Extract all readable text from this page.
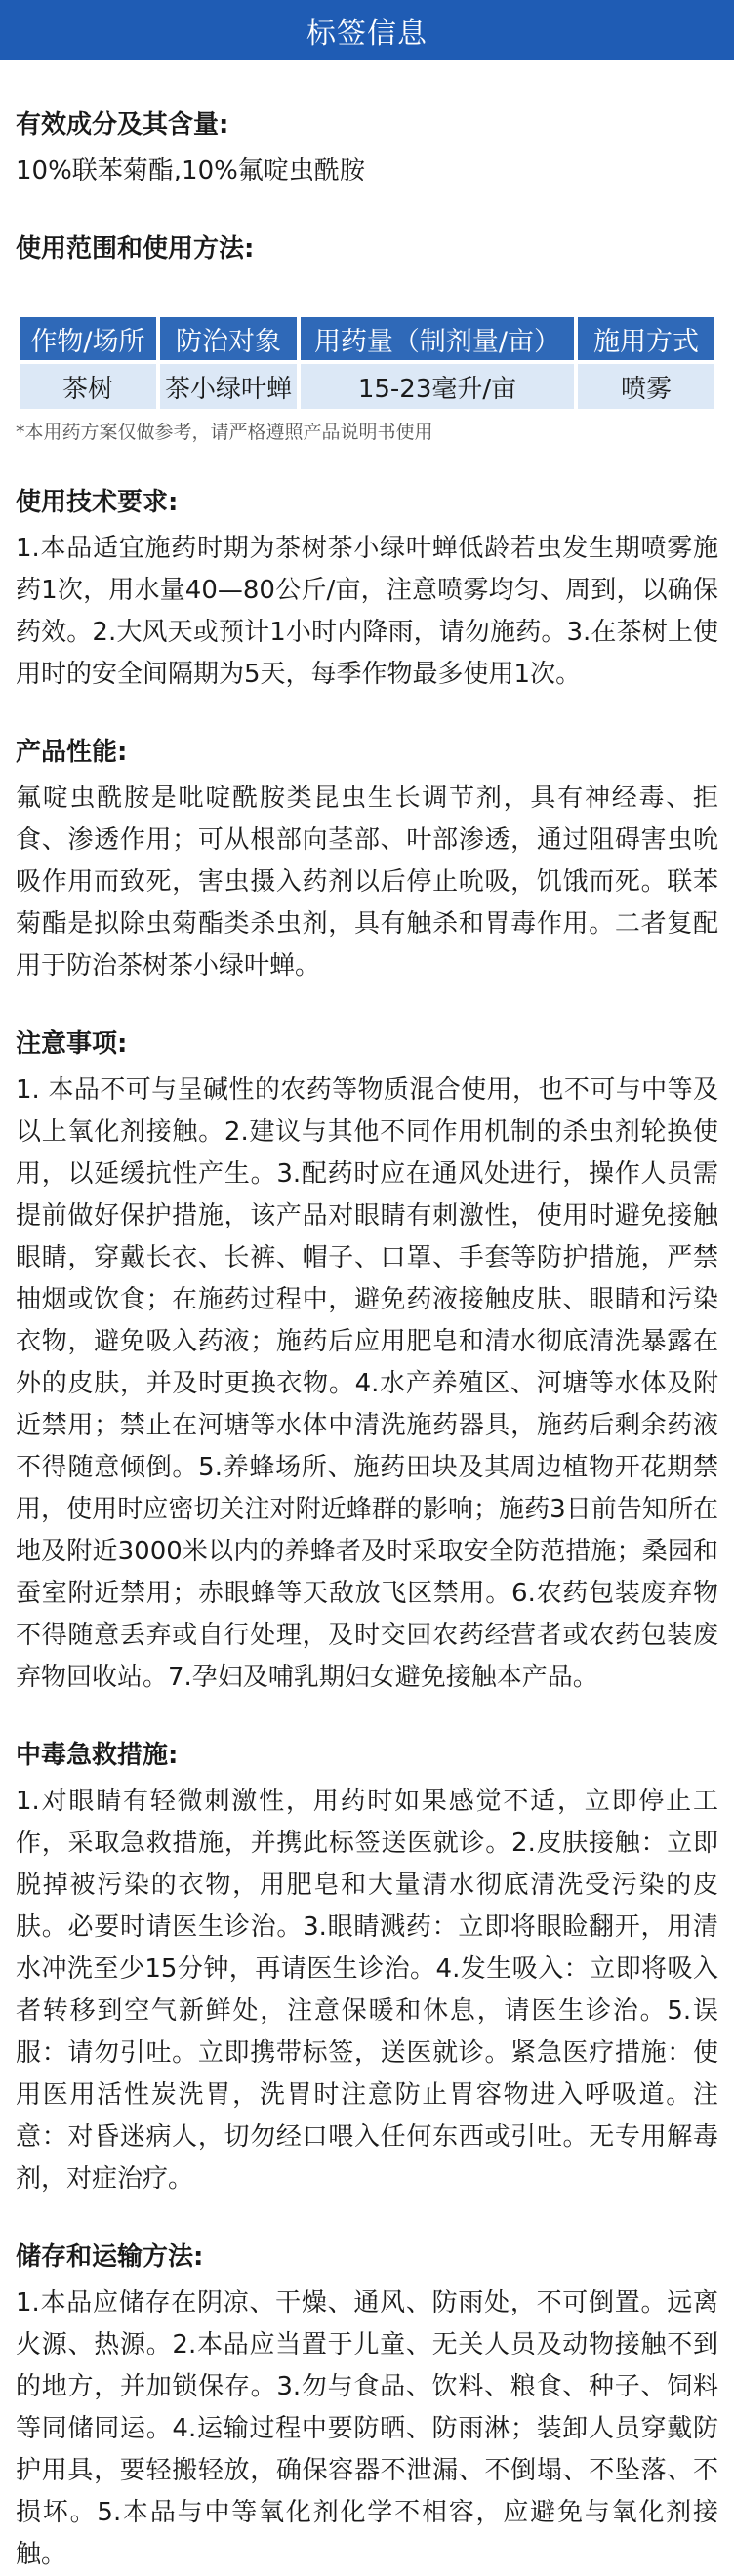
标签信息
有效成分及其含量:

10%联苯菊酯,10%氟啶虫酰胺

使用范围和使用方法:
作物/场所	防治对象	用药量（制剂量/亩）	施用方式
茶树	茶小绿叶蝉	15-23毫升/亩	喷雾
*本用药方案仅做参考，请严格遵照产品说明书使用
使用技术要求:

1.本品适宜施药时期为茶树茶小绿叶蝉低龄若虫发生期喷雾施药1次，用水量40—80公斤/亩，注意喷雾均匀、周到，以确保药效。2.大风天或预计1小时内降雨，请勿施药。3.在茶树上使用时的安全间隔期为5天，每季作物最多使用1次。

产品性能:

氟啶虫酰胺是吡啶酰胺类昆虫生长调节剂，具有神经毒、拒食、渗透作用；可从根部向茎部、叶部渗透，通过阻碍害虫吮吸作用而致死，害虫摄入药剂以后停止吮吸，饥饿而死。联苯菊酯是拟除虫菊酯类杀虫剂，具有触杀和胃毒作用。二者复配用于防治茶树茶小绿叶蝉。

注意事项:

1. 本品不可与呈碱性的农药等物质混合使用，也不可与中等及以上氧化剂接触。2.建议与其他不同作用机制的杀虫剂轮换使用，以延缓抗性产生。3.配药时应在通风处进行，操作人员需提前做好保护措施，该产品对眼睛有刺激性，使用时避免接触眼睛，穿戴长衣、长裤、帽子、口罩、手套等防护措施，严禁抽烟或饮食；在施药过程中，避免药液接触皮肤、眼睛和污染衣物，避免吸入药液；施药后应用肥皂和清水彻底清洗暴露在外的皮肤，并及时更换衣物。4.水产养殖区、河塘等水体及附近禁用；禁止在河塘等水体中清洗施药器具，施药后剩余药液不得随意倾倒。5.养蜂场所、施药田块及其周边植物开花期禁用，使用时应密切关注对附近蜂群的影响；施药3日前告知所在地及附近3000米以内的养蜂者及时采取安全防范措施；桑园和蚕室附近禁用；赤眼蜂等天敌放飞区禁用。6.农药包装废弃物不得随意丢弃或自行处理，及时交回农药经营者或农药包装废弃物回收站。7.孕妇及哺乳期妇女避免接触本产品。

中毒急救措施:

1.对眼睛有轻微刺激性，用药时如果感觉不适，立即停止工作，采取急救措施，并携此标签送医就诊。2.皮肤接触：立即脱掉被污染的衣物，用肥皂和大量清水彻底清洗受污染的皮肤。必要时请医生诊治。3.眼睛溅药：立即将眼睑翻开，用清水冲洗至少15分钟，再请医生诊治。4.发生吸入：立即将吸入者转移到空气新鲜处，注意保暖和休息，请医生诊治。5.误服：请勿引吐。立即携带标签，送医就诊。紧急医疗措施：使用医用活性炭洗胃，洗胃时注意防止胃容物进入呼吸道。注意：对昏迷病人，切勿经口喂入任何东西或引吐。无专用解毒剂，对症治疗。

储存和运输方法:

1.本品应储存在阴凉、干燥、通风、防雨处，不可倒置。远离火源、热源。2.本品应当置于儿童、无关人员及动物接触不到的地方，并加锁保存。3.勿与食品、饮料、粮食、种子、饲料等同储同运。4.运输过程中要防晒、防雨淋；装卸人员穿戴防护用具，要轻搬轻放，确保容器不泄漏、不倒塌、不坠落、不损坏。5.本品与中等氧化剂化学不相容，应避免与氧化剂接触。
